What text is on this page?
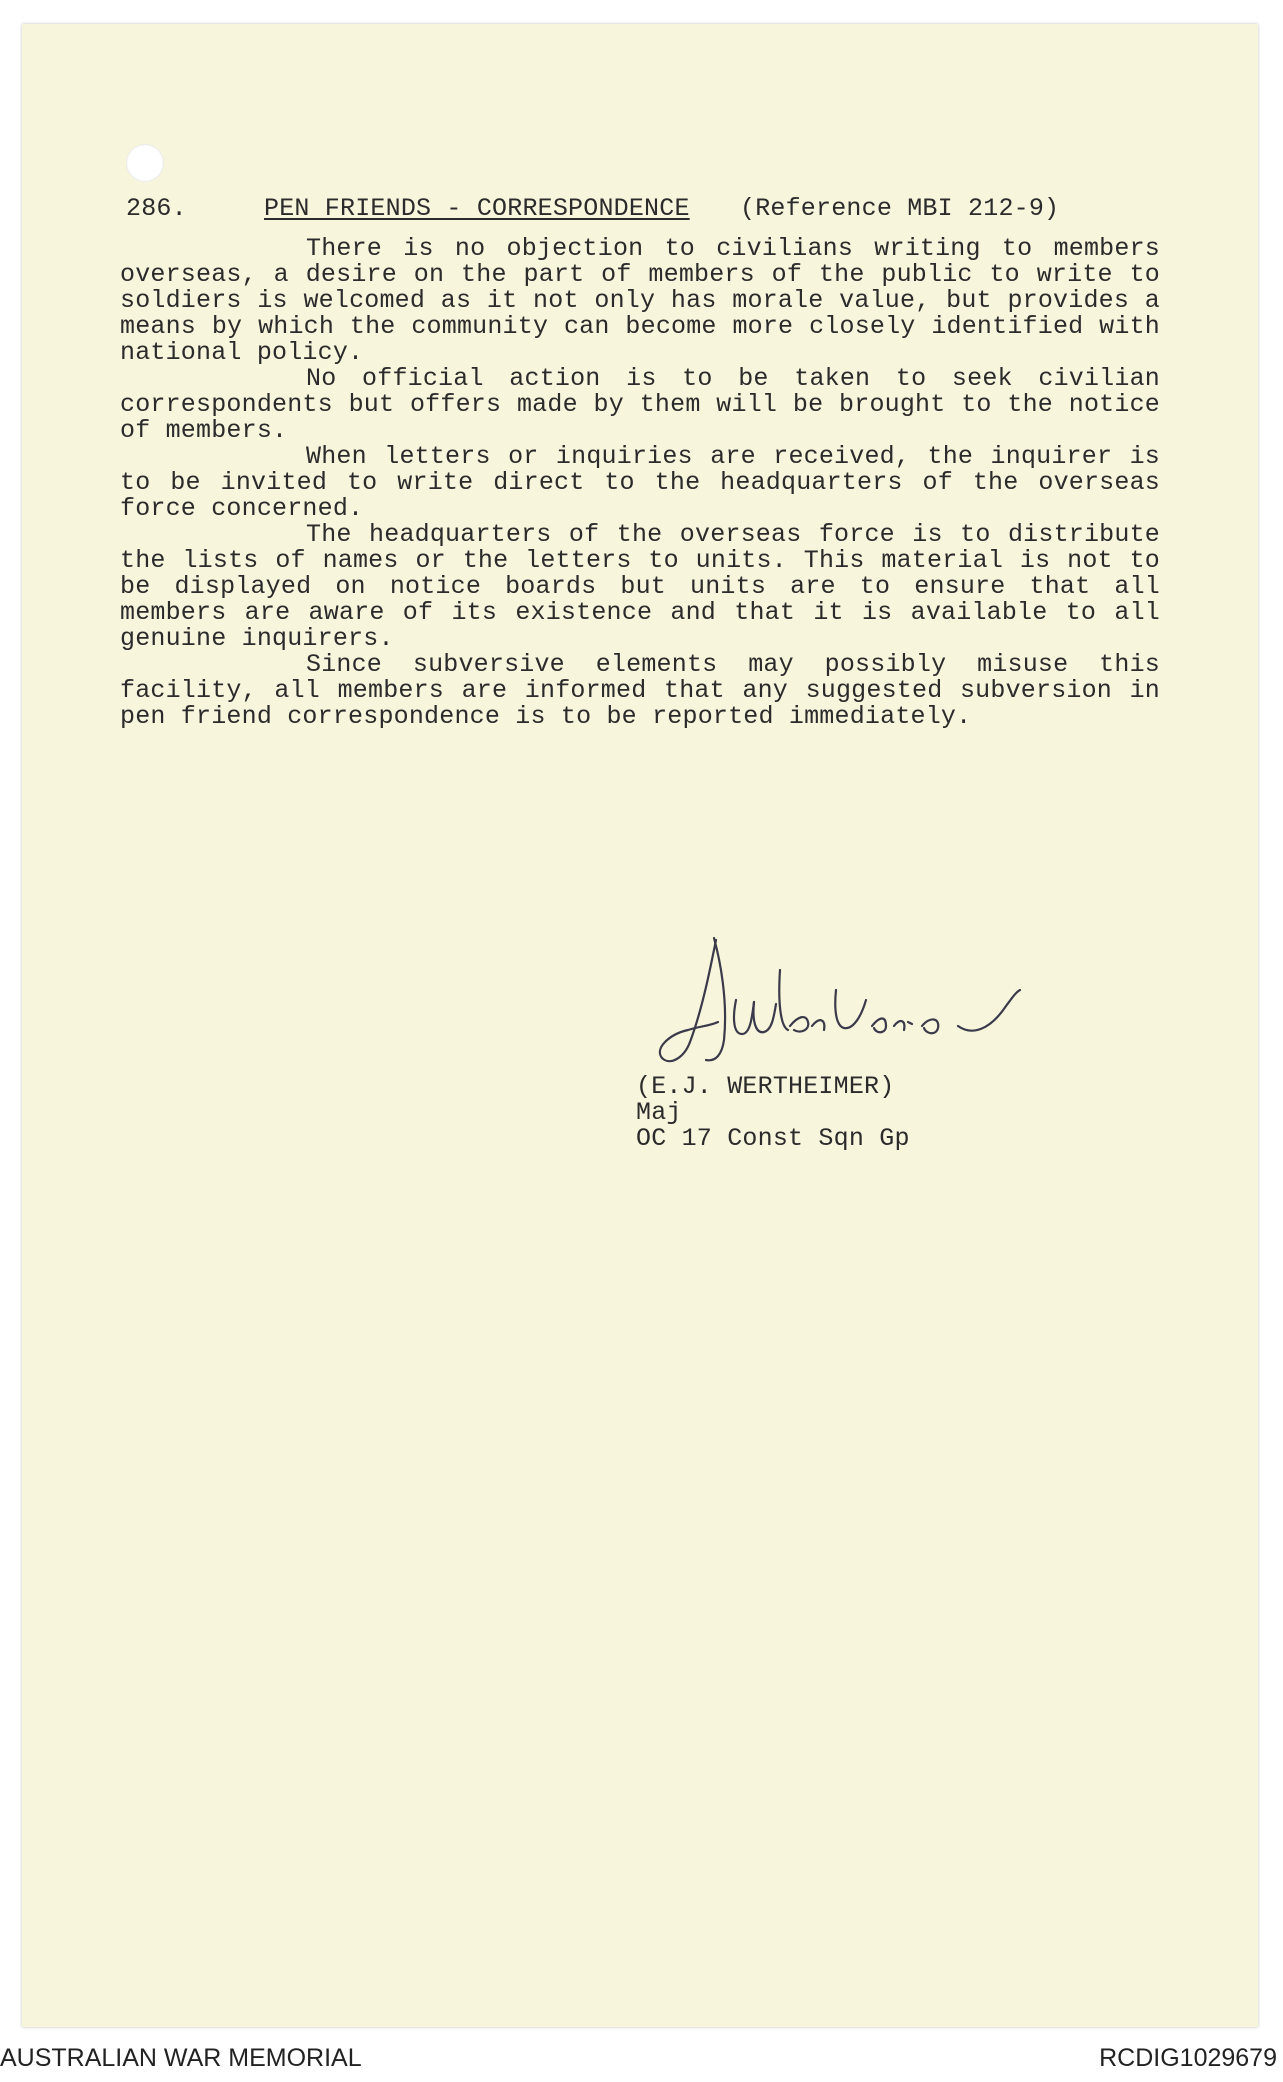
286.	PEN FRIENDS - CORRESPONDENCE (Reference MBI 212-9)

There is no objection to civilians writing to members overseas, a desire on the part of members of the public to write to soldiers is welcomed as it not only has morale value, but provides a means by which the community can become more closely identified with national policy.

No official action is to be taken to seek civilian correspondents but offers made by them will be brought to the notice of members.

When letters or inquiries are received, the inquirer is to be invited to write direct to the headquarters of the overseas force concerned.

The headquarters of the overseas force is to distribute the lists of names or the letters to units. This material is not to be displayed on notice boards but units are to ensure that all members are aware of its existence and that it is available to all genuine inquirers.

Since subversive elements may possibly misuse this facility, all members are informed that any suggested subversion in pen friend correspondence is to be reported immediately.

(E.J. WERTHEIMER)
Maj
OC 17 Const Sqn Gp
AUSTRALIAN WAR MEMORIAL	RCDIG1029679
